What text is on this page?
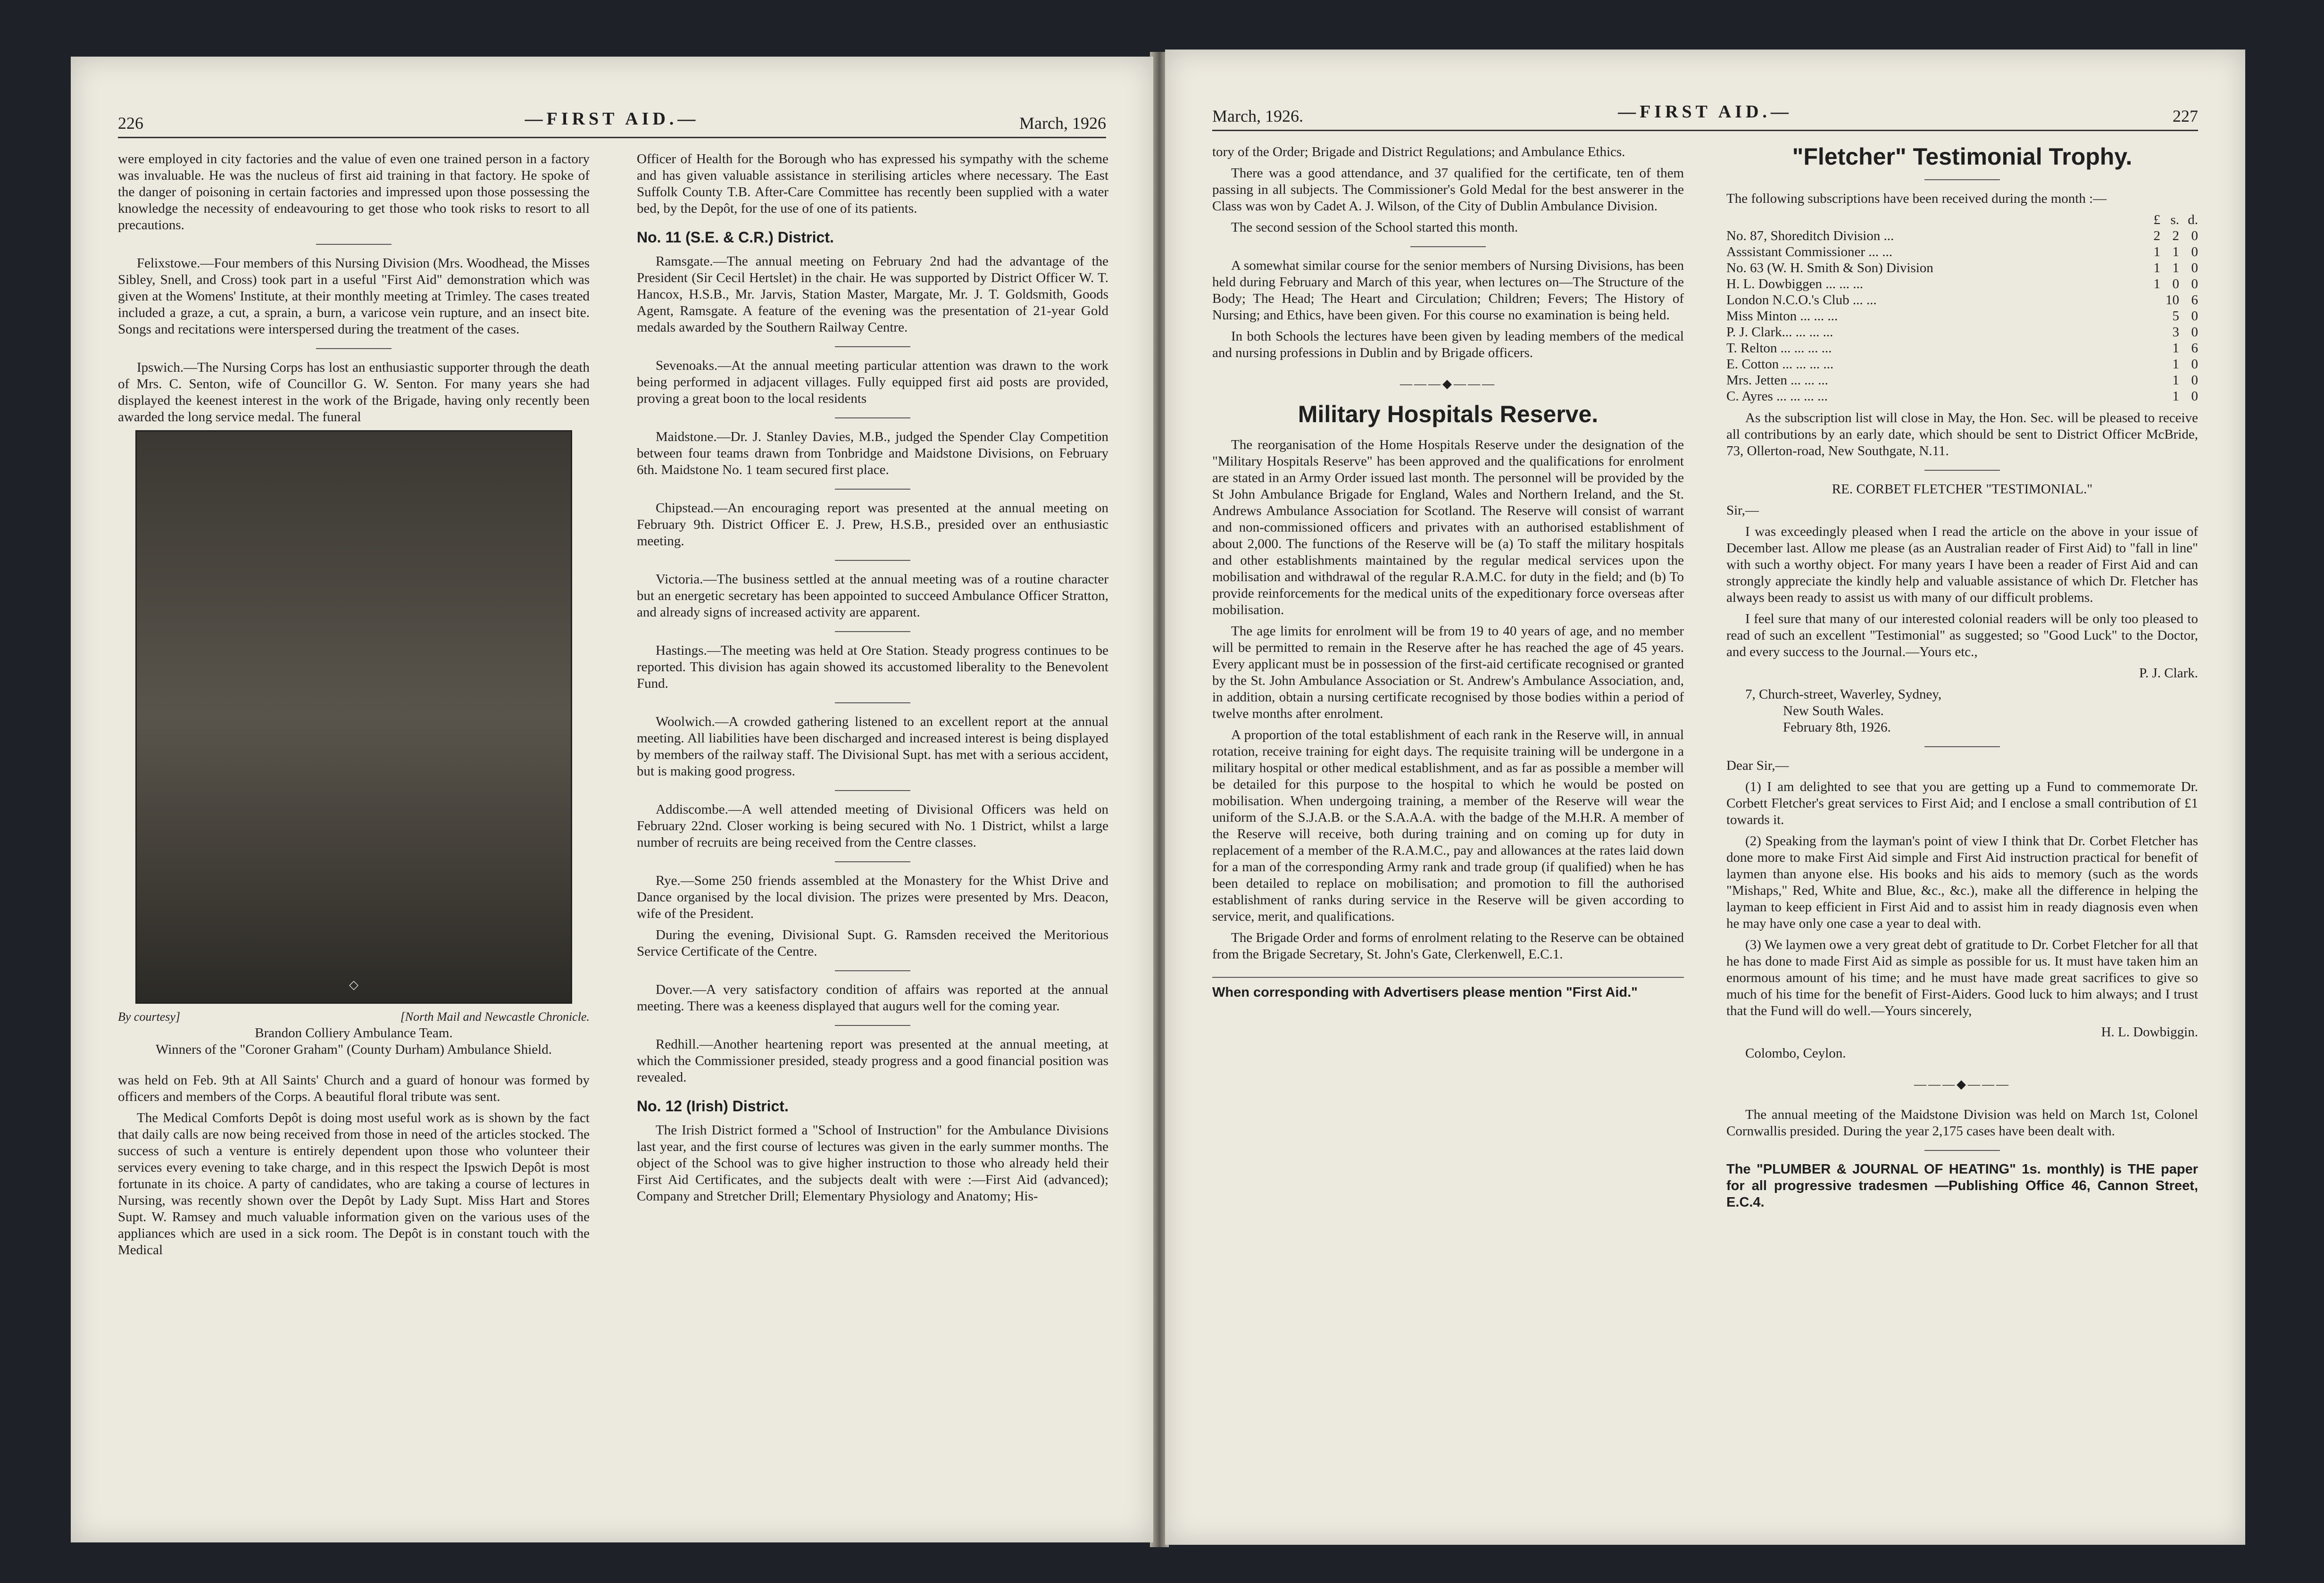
226	—FIRST AID.—	March, 1926

were employed in city factories and the value of even one trained person in a factory was invaluable. He was the nucleus of first aid training in that factory. He spoke of the danger of poisoning in certain factories and impressed upon those possessing the knowledge the necessity of endeavouring to get those who took risks to resort to all precautions.

Felixstowe.—Four members of this Nursing Division (Mrs. Woodhead, the Misses Sibley, Snell, and Cross) took part in a useful "First Aid" demonstration which was given at the Womens' Institute, at their monthly meeting at Trimley. The cases treated included a graze, a cut, a sprain, a burn, a varicose vein rupture, and an insect bite. Songs and recitations were interspersed during the treatment of the cases.

Ipswich.—The Nursing Corps has lost an enthusiastic supporter through the death of Mrs. C. Senton, wife of Councillor G. W. Senton. For many years she had displayed the keenest interest in the work of the Brigade, having only recently been awarded the long service medal. The funeral

◇
By courtesy]	[North Mail and Newcastle Chronicle.
Brandon Colliery Ambulance Team.
Winners of the "Coroner Graham" (County Durham) Ambulance Shield.

was held on Feb. 9th at All Saints' Church and a guard of honour was formed by officers and members of the Corps. A beautiful floral tribute was sent.

The Medical Comforts Depôt is doing most useful work as is shown by the fact that daily calls are now being received from those in need of the articles stocked. The success of such a venture is entirely dependent upon those who volunteer their services every evening to take charge, and in this respect the Ipswich Depôt is most fortunate in its choice. A party of candidates, who are taking a course of lectures in Nursing, was recently shown over the Depôt by Lady Supt. Miss Hart and Stores Supt. W. Ramsey and much valuable information given on the various uses of the appliances which are used in a sick room. The Depôt is in constant touch with the Medical

Officer of Health for the Borough who has expressed his sympathy with the scheme and has given valuable assistance in sterilising articles where necessary. The East Suffolk County T.B. After-Care Committee has recently been supplied with a water bed, by the Depôt, for the use of one of its patients.

No. 11 (S.E. & C.R.) District.

Ramsgate.—The annual meeting on February 2nd had the advantage of the President (Sir Cecil Hertslet) in the chair. He was supported by District Officer W. T. Hancox, H.S.B., Mr. Jarvis, Station Master, Margate, Mr. J. T. Goldsmith, Goods Agent, Ramsgate. A feature of the evening was the presentation of 21-year Gold medals awarded by the Southern Railway Centre.

Sevenoaks.—At the annual meeting particular attention was drawn to the work being performed in adjacent villages. Fully equipped first aid posts are provided, proving a great boon to the local residents

Maidstone.—Dr. J. Stanley Davies, M.B., judged the Spender Clay Competition between four teams drawn from Tonbridge and Maidstone Divisions, on February 6th. Maidstone No. 1 team secured first place.

Chipstead.—An encouraging report was presented at the annual meeting on February 9th. District Officer E. J. Prew, H.S.B., presided over an enthusiastic meeting.

Victoria.—The business settled at the annual meeting was of a routine character but an energetic secretary has been appointed to succeed Ambulance Officer Stratton, and already signs of increased activity are apparent.

Hastings.—The meeting was held at Ore Station. Steady progress continues to be reported. This division has again showed its accustomed liberality to the Benevolent Fund.

Woolwich.—A crowded gathering listened to an excellent report at the annual meeting. All liabilities have been discharged and increased interest is being displayed by members of the railway staff. The Divisional Supt. has met with a serious accident, but is making good progress.

Addiscombe.—A well attended meeting of Divisional Officers was held on February 22nd. Closer working is being secured with No. 1 District, whilst a large number of recruits are being received from the Centre classes.

Rye.—Some 250 friends assembled at the Monastery for the Whist Drive and Dance organised by the local division. The prizes were presented by Mrs. Deacon, wife of the President.

During the evening, Divisional Supt. G. Ramsden received the Meritorious Service Certificate of the Centre.

Dover.—A very satisfactory condition of affairs was reported at the annual meeting. There was a keeness displayed that augurs well for the coming year.

Redhill.—Another heartening report was presented at the annual meeting, at which the Commissioner presided, steady progress and a good financial position was revealed.

No. 12 (Irish) District.

The Irish District formed a "School of Instruction" for the Ambulance Divisions last year, and the first course of lectures was given in the early summer months. The object of the School was to give higher instruction to those who already held their First Aid Certificates, and the subjects dealt with were :—First Aid (advanced); Company and Stretcher Drill; Elementary Physiology and Anatomy; His-

March, 1926.	—FIRST AID.—	227

tory of the Order; Brigade and District Regulations; and Ambulance Ethics.

There was a good attendance, and 37 qualified for the certificate, ten of them passing in all subjects. The Commissioner's Gold Medal for the best answerer in the Class was won by Cadet A. J. Wilson, of the City of Dublin Ambulance Division.

The second session of the School started this month.

A somewhat similar course for the senior members of Nursing Divisions, has been held during February and March of this year, when lectures on—The Structure of the Body; The Head; The Heart and Circulation; Children; Fevers; The History of Nursing; and Ethics, have been given. For this course no examination is being held.

In both Schools the lectures have been given by leading members of the medical and nursing professions in Dublin and by Brigade officers.

———◆———
Military Hospitals Reserve.

The reorganisation of the Home Hospitals Reserve under the designation of the "Military Hospitals Reserve" has been approved and the qualifications for enrolment are stated in an Army Order issued last month. The personnel will be provided by the St John Ambulance Brigade for England, Wales and Northern Ireland, and the St. Andrews Ambulance Association for Scotland. The Reserve will consist of warrant and non-commissioned officers and privates with an authorised establishment of about 2,000. The functions of the Reserve will be (a) To staff the military hospitals and other establishments maintained by the regular medical services upon the mobilisation and withdrawal of the regular R.A.M.C. for duty in the field; and (b) To provide reinforcements for the medical units of the expeditionary force overseas after mobilisation.

The age limits for enrolment will be from 19 to 40 years of age, and no member will be permitted to remain in the Reserve after he has reached the age of 45 years. Every applicant must be in possession of the first-aid certificate recognised or granted by the St. John Ambulance Association or St. Andrew's Ambulance Association, and, in addition, obtain a nursing certificate recognised by those bodies within a period of twelve months after enrolment.

A proportion of the total establishment of each rank in the Reserve will, in annual rotation, receive training for eight days. The requisite training will be undergone in a military hospital or other medical establishment, and as far as possible a member will be detailed for this purpose to the hospital to which he would be posted on mobilisation. When undergoing training, a member of the Reserve will wear the uniform of the S.J.A.B. or the S.A.A.A. with the badge of the M.H.R. A member of the Reserve will receive, both during training and on coming up for duty in replacement of a member of the R.A.M.C., pay and allowances at the rates laid down for a man of the corresponding Army rank and trade group (if qualified) when he has been detailed to replace on mobilisation; and promotion to fill the authorised establishment of ranks during service in the Reserve will be given according to service, merit, and qualifications.

The Brigade Order and forms of enrolment relating to the Reserve can be obtained from the Brigade Secretary, St. John's Gate, Clerkenwell, E.C.1.

When corresponding with Advertisers please mention "First Aid."

"Fletcher" Testimonial Trophy.

The following subscriptions have been received during the month :—

	£	s.	d.
No. 87, Shoreditch Division ...	2	2	0
Asssistant Commissioner ... ...	1	1	0
No. 63 (W. H. Smith & Son) Division	1	1	0
H. L. Dowbiggen ... ... ...	1	0	0
London N.C.O.'s Club ... ...		10	6
Miss Minton ... ... ...		5	0
P. J. Clark... ... ... ...		3	0
T. Relton ... ... ... ...		1	6
E. Cotton ... ... ... ...		1	0
Mrs. Jetten ... ... ...		1	0
C. Ayres ... ... ... ...		1	0

As the subscription list will close in May, the Hon. Sec. will be pleased to receive all contributions by an early date, which should be sent to District Officer McBride, 73, Ollerton-road, New Southgate, N.11.

RE. CORBET FLETCHER "TESTIMONIAL."

Sir,—

I was exceedingly pleased when I read the article on the above in your issue of December last. Allow me please (as an Australian reader of First Aid) to "fall in line" with such a worthy object. For many years I have been a reader of First Aid and can strongly appreciate the kindly help and valuable assistance of which Dr. Fletcher has always been ready to assist us with many of our difficult problems.

I feel sure that many of our interested colonial readers will be only too pleased to read of such an excellent "Testimonial" as suggested; so "Good Luck" to the Doctor, and every success to the Journal.—Yours etc.,

P. J. Clark.

7, Church-street, Waverley, Sydney,

New South Wales.

February 8th, 1926.

Dear Sir,—

(1) I am delighted to see that you are getting up a Fund to commemorate Dr. Corbett Fletcher's great services to First Aid; and I enclose a small contribution of £1 towards it.

(2) Speaking from the layman's point of view I think that Dr. Corbet Fletcher has done more to make First Aid simple and First Aid instruction practical for benefit of laymen than anyone else. His books and his aids to memory (such as the words "Mishaps," Red, White and Blue, &c., &c.), make all the difference in helping the layman to keep efficient in First Aid and to assist him in ready diagnosis even when he may have only one case a year to deal with.

(3) We laymen owe a very great debt of gratitude to Dr. Corbet Fletcher for all that he has done to made First Aid as simple as possible for us. It must have taken him an enormous amount of his time; and he must have made great sacrifices to give so much of his time for the benefit of First-Aiders. Good luck to him always; and I trust that the Fund will do well.—Yours sincerely,

H. L. Dowbiggin.

Colombo, Ceylon.

———◆———

The annual meeting of the Maidstone Division was held on March 1st, Colonel Cornwallis presided. During the year 2,175 cases have been dealt with.

The "PLUMBER & JOURNAL OF HEATING" 1s. monthly) is THE paper for all progressive tradesmen —Publishing Office 46, Cannon Street, E.C.4.
